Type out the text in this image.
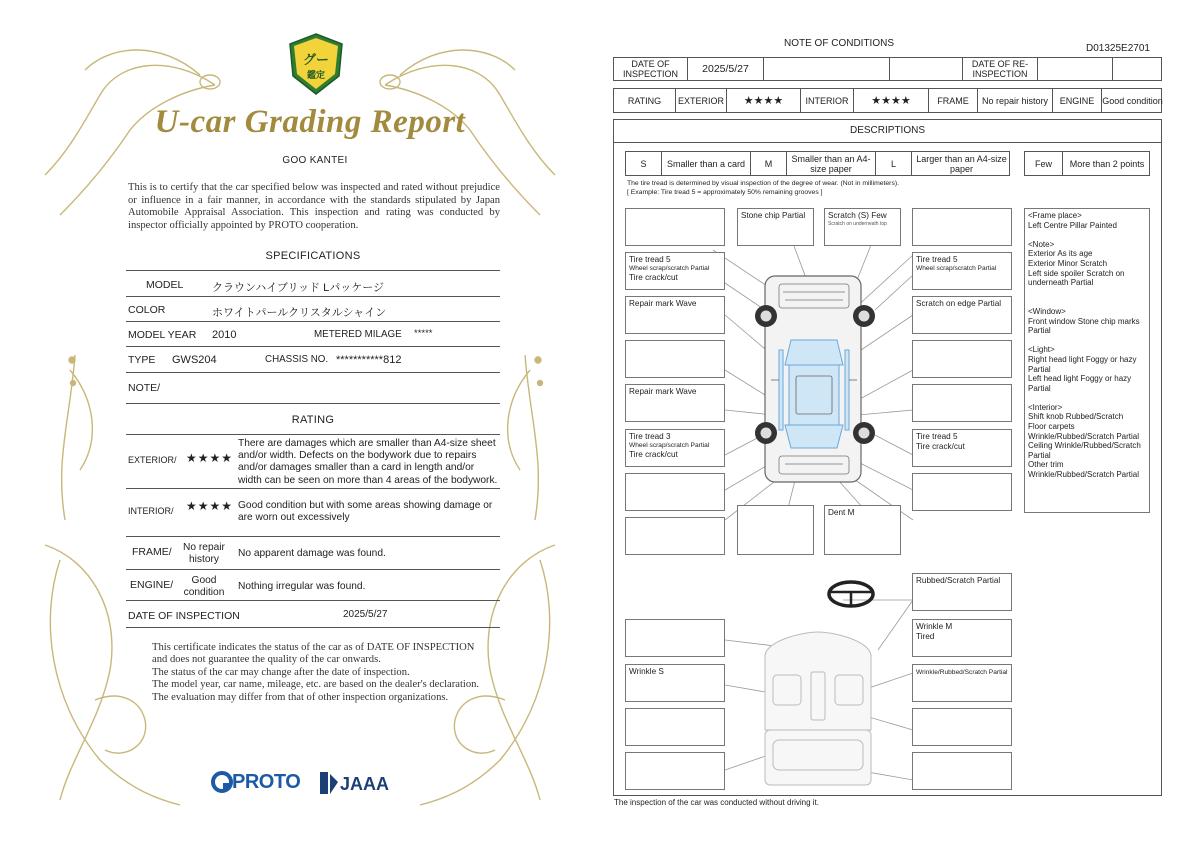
グー
鑑定
U-car Grading Report
GOO KANTEI
This is to certify that the car specified below was inspected and rated without prejudice or influence in a fair manner, in accordance with the standards stipulated by Japan Automobile Appraisal Association. This inspection and rating was conducted by inspector officially appointed by PROTO cooperation.
SPECIFICATIONS
MODEL	クラウンハイブリッド Lパッケージ
COLOR	ホワイトパールクリスタルシャイン
MODEL YEAR 2010	METERED MILAGE *****
TYPE GWS204	CHASSIS NO. ***********812
NOTE/
RATING
EXTERIOR/ ★★★★
There are damages which are smaller than A4-size sheet and/or width. Defects on the bodywork due to repairs and/or damages smaller than a card in length and/or width can be seen on more than 4 areas of the bodywork.
INTERIOR/ ★★★★ Good condition but with some areas showing damage or are worn out excessively
FRAME/	No repair history
No apparent damage was found.
ENGINE/	Good condition
Nothing irregular was found.
DATE OF INSPECTION	2025/5/27
This certificate indicates the status of the car as of DATE OF INSPECTION and does not guarantee the quality of the car onwards.
The status of the car may change after the date of inspection.
The model year, car name, mileage, etc. are based on the dealer's declaration.
The evaluation may differ from that of other inspection organizations.
PROTO JAAA
NOTE OF CONDITIONS	D01325E2701
DATE OF INSPECTION	2025/5/27	DATE OF RE-INSPECTION
RATING	EXTERIOR	★★★★	INTERIOR	★★★★	FRAME	No repair history	ENGINE Good condition
DESCRIPTIONS
S	Smaller than a card	M	Smaller than an A4-size paper	L	Larger than an A4-size paper	Few	More than 2 points
The tire tread is determined by visual inspection of the degree of wear. (Not in millimeters).
[ Example: Tire tread 5 = approximately 50% remaining grooves ]
Stone chip Partial	Scratch (S) Few
Scratch on underneath top
Tire tread 5
Wheel scrap/scratch Partial
Tire crack/cut
Tire tread 5
Wheel scrap/scratch Partial
Repair mark Wave	Scratch on edge Partial
Repair mark Wave
Tire tread 3
Wheel scrap/scratch Partial
Tire crack/cut
Tire tread 5
Tire crack/cut
Dent M
Rubbed/Scratch Partial
Wrinkle M
Tired
Wrinkle S	Wrinkle/Rubbed/Scratch Partial
<Frame place>
Left Centre Pillar Painted

<Note>
Exterior As its age
Exterior Minor Scratch
Left side spoiler Scratch on underneath Partial

<Window>
Front window Stone chip marks Partial

<Light>
Right head light Foggy or hazy Partial
Left head light Foggy or hazy Partial

<Interior>
Shift knob Rubbed/Scratch
Floor carpets Wrinkle/Rubbed/Scratch Partial
Ceiling Wrinkle/Rubbed/Scratch Partial
Other trim Wrinkle/Rubbed/Scratch Partial
The inspection of the car was conducted without driving it.
